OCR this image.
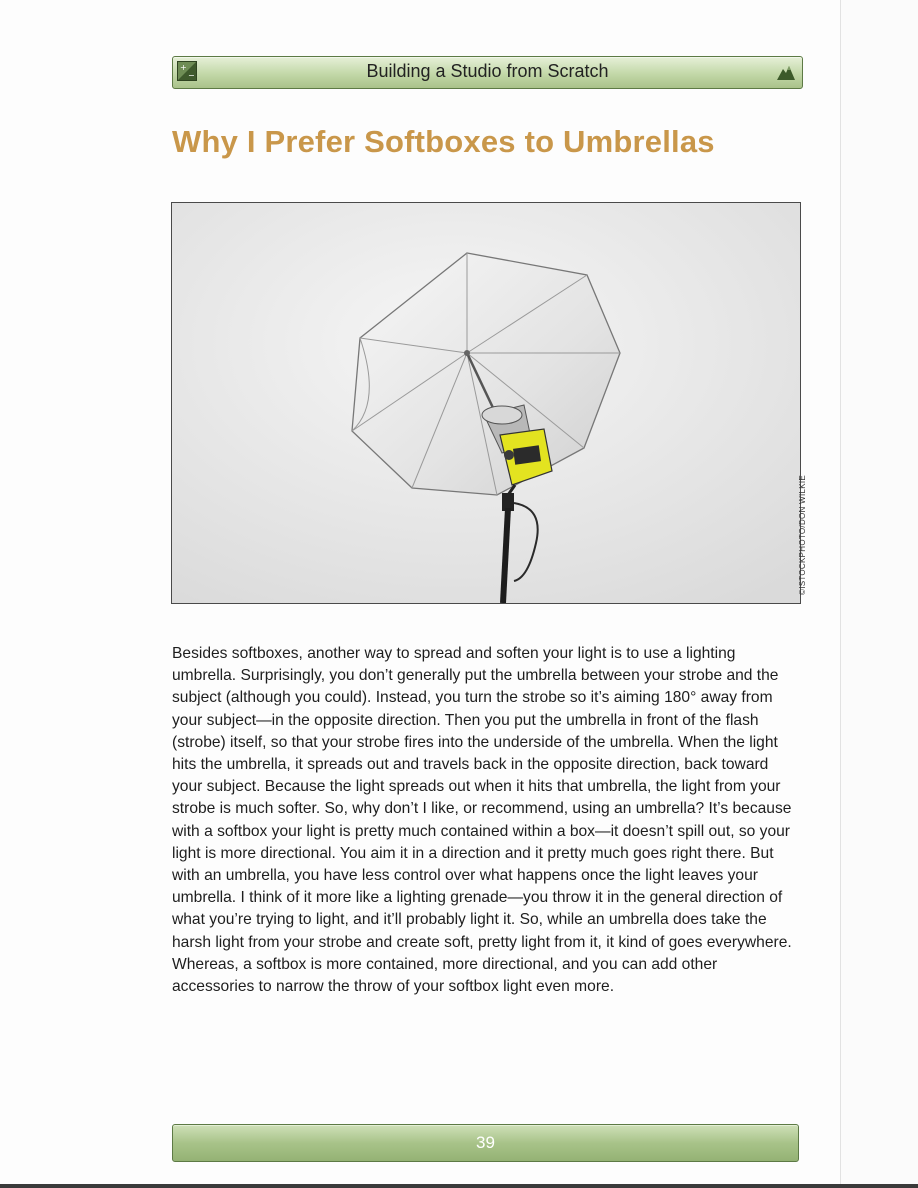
+
−	Building a Studio from Scratch
Why I Prefer Softboxes to Umbrellas
©ISTOCKPHOTO/DON WILKIE

Besides softboxes, another way to spread and soften your light is to use a lighting umbrella. Surprisingly, you don’t generally put the umbrella between your strobe and the subject (although you could). Instead, you turn the strobe so it’s aiming 180° away from your subject—in the opposite direction. Then you put the umbrella in front of the flash (strobe) itself, so that your strobe fires into the underside of the umbrella. When the light hits the umbrella, it spreads out and travels back in the opposite direction, back toward your subject. Because the light spreads out when it hits that umbrella, the light from your strobe is much softer. So, why don’t I like, or recommend, using an umbrella? It’s because with a softbox your light is pretty much contained within a box—it doesn’t spill out, so your light is more directional. You aim it in a direction and it pretty much goes right there. But with an umbrella, you have less control over what happens once the light leaves your umbrella. I think of it more like a lighting grenade—you throw it in the general direction of what you’re trying to light, and it’ll probably light it. So, while an umbrella does take the harsh light from your strobe and create soft, pretty light from it, it kind of goes everywhere. Whereas, a softbox is more contained, more directional, and you can add other accessories to narrow the throw of your softbox light even more.

39
